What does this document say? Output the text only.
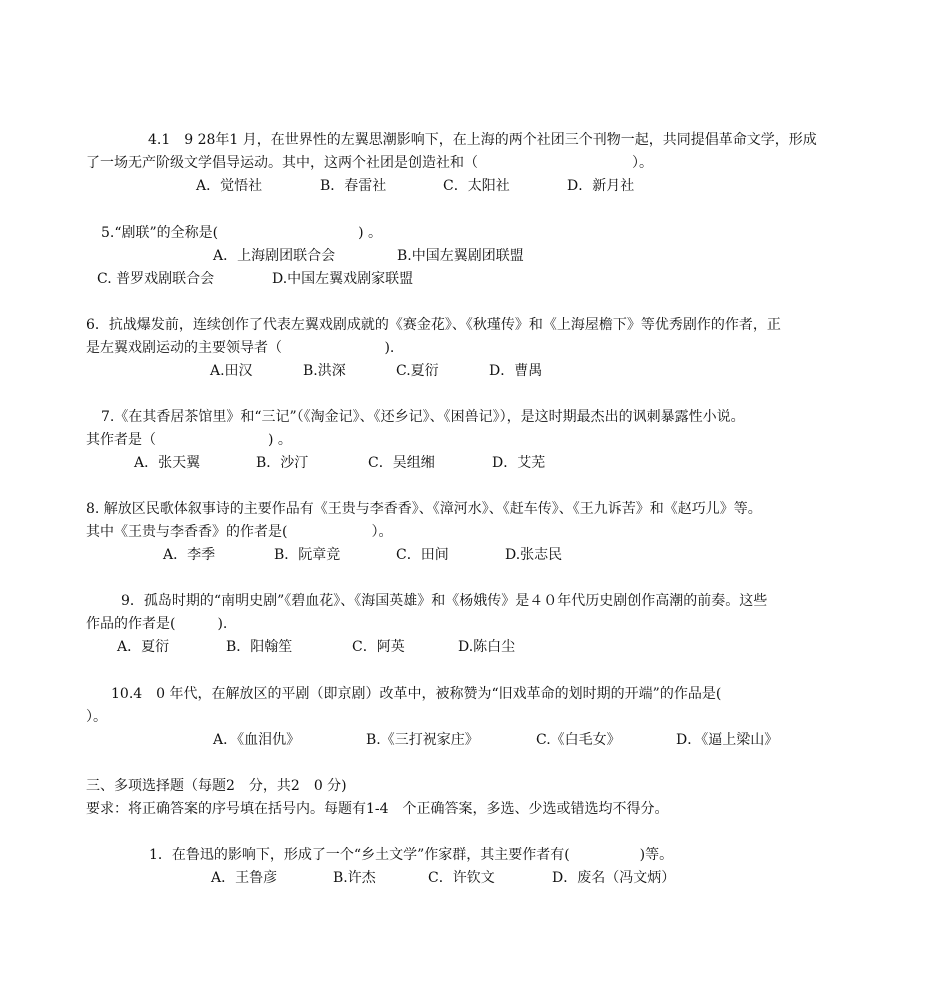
4.1　9 28年1 月，在世界性的左翼思潮影响下，在上海的两个社团三个刊物一起，共同提倡革命文学，形成
了一场无产阶级文学倡导运动。其中，这两个社团是创造社和（　　　　　　　　　　　）。
A．觉悟社	B．春雷社	C．太阳社	D．新月社
5.“剧联”的全称是(　　　　　　　　　　) 。
A．上海剧团联合会	B.中国左翼剧团联盟
C. 普罗戏剧联合会	D.中国左翼戏剧家联盟
6．抗战爆发前，连续创作了代表左翼戏剧成就的《赛金花》、《秋瑾传》和《上海屋檐下》等优秀剧作的作者，正
是左翼戏剧运动的主要领导者（　　　　　　　 ).
A.田汉	B.洪深	C.夏衍	D．曹禺
7.《在其香居茶馆里》和“三记”（《淘金记》、《还乡记》、《困兽记》），是这时期最杰出的讽刺暴露性小说。
其作者是（　　　　　　　　) 。
A．张天翼	B．沙汀	C．吴组缃	D．艾芜
8. 解放区民歌体叙事诗的主要作品有《王贵与李香香》、《漳河水》、《赶车传》、《王九诉苦》和《赵巧儿》等。
其中《王贵与李香香》的作者是(　　　　　　）。
A．李季	B．阮章竞	C．田间	D.张志民
9．孤岛时期的“南明史剧”《碧血花》、《海国英雄》和《杨娥传》是４０年代历史剧创作高潮的前奏。这些
作品的作者是(　　　).
A．夏衍	B．阳翰笙	C．阿英	D.陈白尘
10.4　0 年代，在解放区的平剧（即京剧）改革中，被称赞为“旧戏革命的划时期的开端”的作品是(
）。
A．《血泪仇》	B.《三打祝家庄》	C.《白毛女》	D．《逼上梁山》
三、多项选择题（每题2　分，共2　0 分)
要求：将正确答案的序号填在括号内。每题有1-4　个正确答案，多选、少选或错选均不得分。
1．在鲁迅的影响下，形成了一个“乡土文学”作家群，其主要作者有(　　　　　)等。
A．王鲁彦	B.许杰	C．许钦文	D．废名（冯文炳）
